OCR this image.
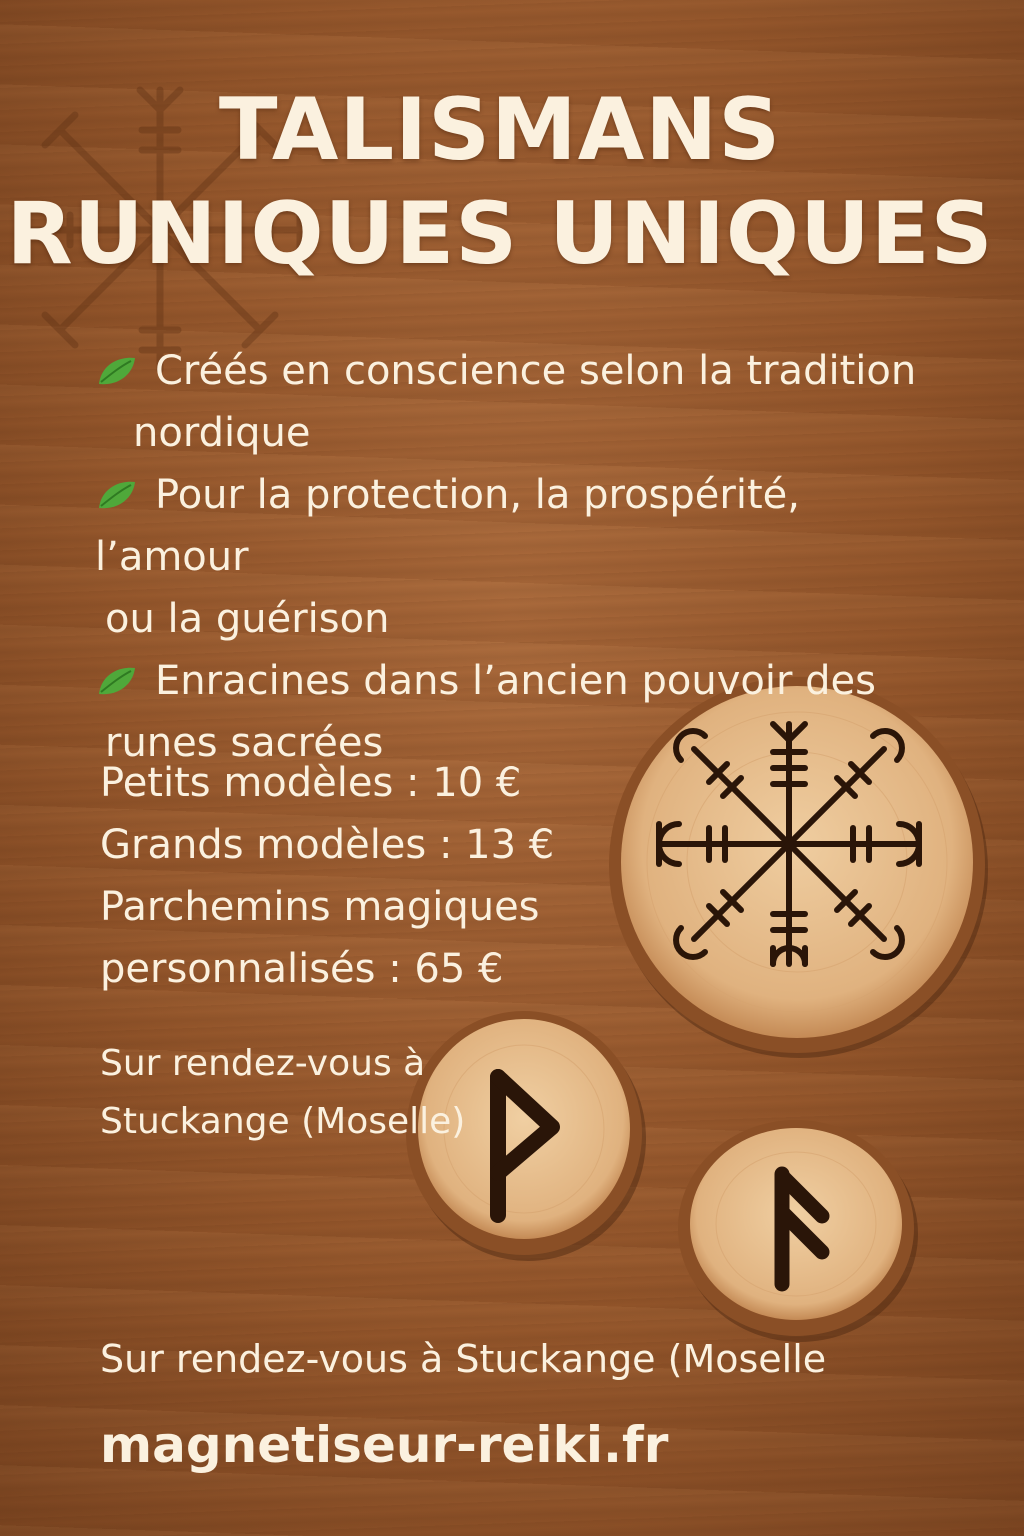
TALISMANS
RUNIQUES UNIQUES
Créés en conscience selon la tradition
nordique
Pour la protection, la prospérité, l’amour
ou la guérison
Enracines dans l’ancien pouvoir des
runes sacrées
Petits modèles : 10 €
Grands modèles : 13 €
Parchemins magiques
personnalisés : 65 €
Sur rendez-vous à
Stuckange (Moselle)
Sur rendez-vous à Stuckange (Moselle
magnetiseur-reiki.fr
